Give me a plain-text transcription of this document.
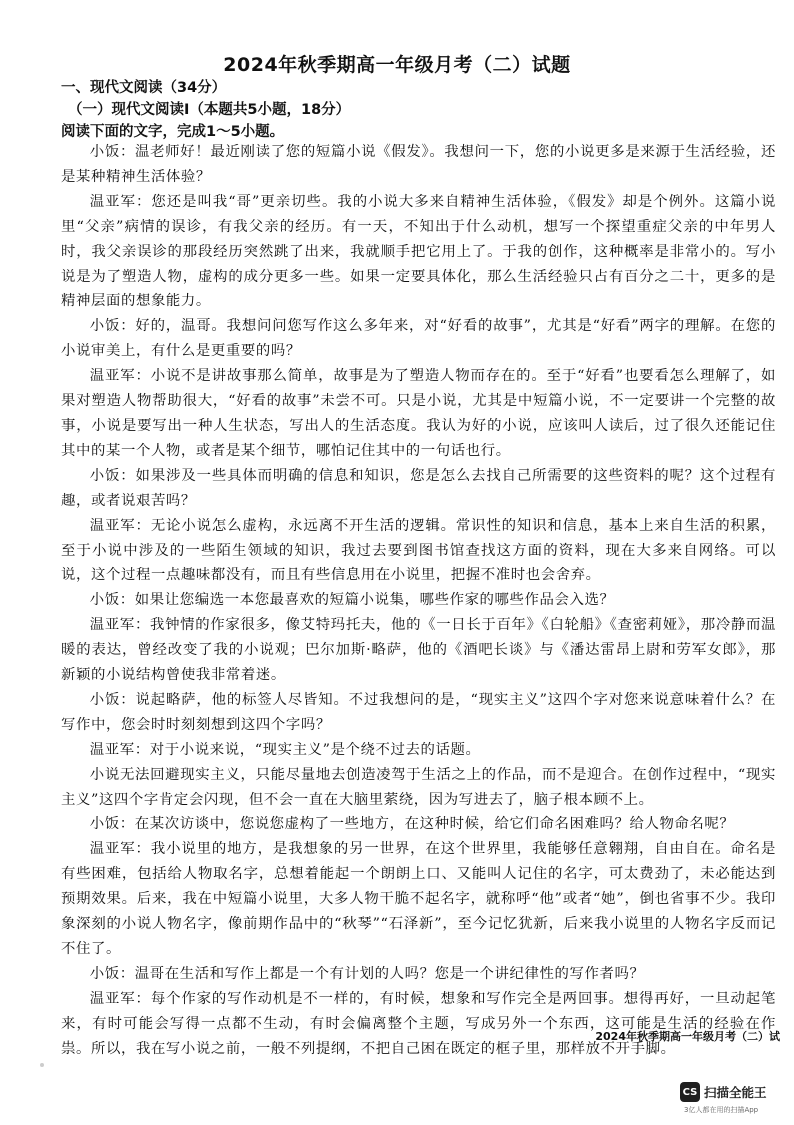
2024年秋季期高一年级月考（二）试题
一、现代文阅读（34分）
（一）现代文阅读Ⅰ（本题共5小题，18分）
阅读下面的文字，完成1～5小题。

小饭：温老师好！最近刚读了您的短篇小说《假发》。我想问一下，您的小说更多是来源于生活经验，还是某种精神生活体验？

温亚军：您还是叫我“哥”更亲切些。我的小说大多来自精神生活体验，《假发》却是个例外。这篇小说里“父亲”病情的误诊，有我父亲的经历。有一天，不知出于什么动机，想写一个探望重症父亲的中年男人时，我父亲误诊的那段经历突然跳了出来，我就顺手把它用上了。于我的创作，这种概率是非常小的。写小说是为了塑造人物，虚构的成分更多一些。如果一定要具体化，那么生活经验只占有百分之二十，更多的是精神层面的想象能力。

小饭：好的，温哥。我想问问您写作这么多年来，对“好看的故事”，尤其是“好看”两字的理解。在您的小说审美上，有什么是更重要的吗？

温亚军：小说不是讲故事那么简单，故事是为了塑造人物而存在的。至于“好看”也要看怎么理解了，如果对塑造人物帮助很大，“好看的故事”未尝不可。只是小说，尤其是中短篇小说，不一定要讲一个完整的故事，小说是要写出一种人生状态，写出人的生活态度。我认为好的小说，应该叫人读后，过了很久还能记住其中的某一个人物，或者是某个细节，哪怕记住其中的一句话也行。

小饭：如果涉及一些具体而明确的信息和知识，您是怎么去找自己所需要的这些资料的呢？这个过程有趣，或者说艰苦吗？

温亚军：无论小说怎么虚构，永远离不开生活的逻辑。常识性的知识和信息，基本上来自生活的积累，至于小说中涉及的一些陌生领域的知识，我过去要到图书馆查找这方面的资料，现在大多来自网络。可以说，这个过程一点趣味都没有，而且有些信息用在小说里，把握不准时也会舍弃。

小饭：如果让您编选一本您最喜欢的短篇小说集，哪些作家的哪些作品会入选？

温亚军：我钟情的作家很多，像艾特玛托夫，他的《一日长于百年》《白轮船》《查密莉娅》，那冷静而温暖的表达，曾经改变了我的小说观；巴尔加斯·略萨，他的《酒吧长谈》与《潘达雷昂上尉和劳军女郎》，那新颖的小说结构曾使我非常着迷。

小饭：说起略萨，他的标签人尽皆知。不过我想问的是，“现实主义”这四个字对您来说意味着什么？在写作中，您会时时刻刻想到这四个字吗？

温亚军：对于小说来说，“现实主义”是个绕不过去的话题。

小说无法回避现实主义，只能尽量地去创造凌驾于生活之上的作品，而不是迎合。在创作过程中，“现实主义”这四个字肯定会闪现，但不会一直在大脑里萦绕，因为写进去了，脑子根本顾不上。

小饭：在某次访谈中，您说您虚构了一些地方，在这种时候，给它们命名困难吗？给人物命名呢？

温亚军：我小说里的地方，是我想象的另一世界，在这个世界里，我能够任意翱翔，自由自在。命名是有些困难，包括给人物取名字，总想着能起一个朗朗上口、又能叫人记住的名字，可太费劲了，未必能达到预期效果。后来，我在中短篇小说里，大多人物干脆不起名字，就称呼“他”或者“她”，倒也省事不少。我印象深刻的小说人物名字，像前期作品中的“秋琴”“石泽新”，至今记忆犹新，后来我小说里的人物名字反而记不住了。

小饭：温哥在生活和写作上都是一个有计划的人吗？您是一个讲纪律性的写作者吗？

温亚军：每个作家的写作动机是不一样的，有时候，想象和写作完全是两回事。想得再好，一旦动起笔来，有时可能会写得一点都不生动，有时会偏离整个主题，写成另外一个东西，这可能是生活的经验在作祟。所以，我在写小说之前，一般不列提纲，不把自己困在既定的框子里，那样放不开手脚。

2024年秋季期高一年级月考（二）试
CS 扫描全能王
3亿人都在用的扫描App
